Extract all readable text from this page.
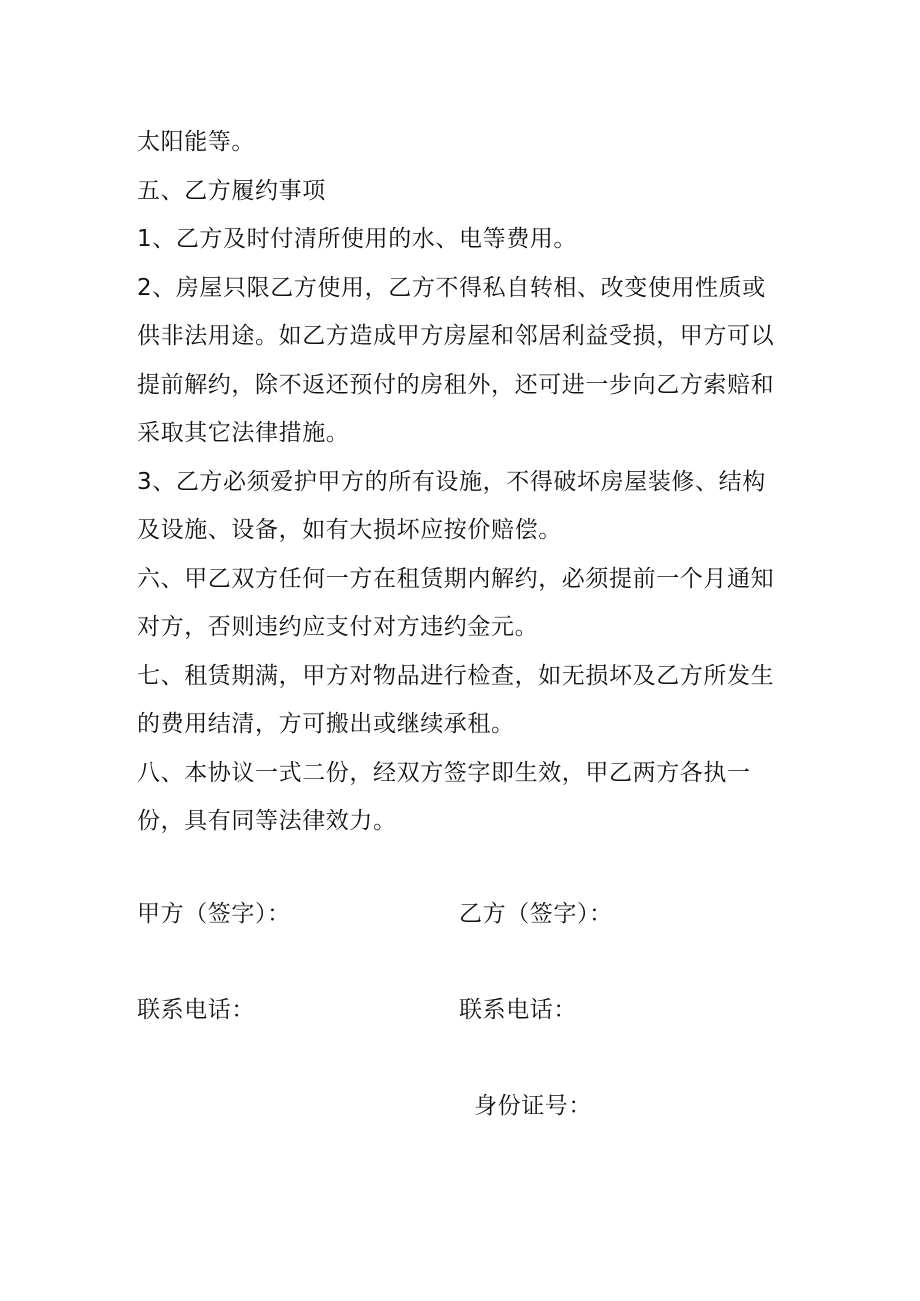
太阳能等。

五、乙方履约事项

1、乙方及时付清所使用的水、电等费用。

2、房屋只限乙方使用，乙方不得私自转相、改变使用性质或供非法用途。如乙方造成甲方房屋和邻居利益受损，甲方可以提前解约，除不返还预付的房租外，还可进一步向乙方索赔和采取其它法律措施。

3、乙方必须爱护甲方的所有设施，不得破坏房屋装修、结构及设施、设备，如有大损坏应按价赔偿。

六、甲乙双方任何一方在租赁期内解约，必须提前一个月通知对方，否则违约应支付对方违约金元。

七、租赁期满，甲方对物品进行检查，如无损坏及乙方所发生的费用结清，方可搬出或继续承租。

八、本协议一式二份，经双方签字即生效，甲乙两方各执一份，具有同等法律效力。

甲方（签字）：	乙方（签字）：
联系电话：	联系电话：
身份证号：
